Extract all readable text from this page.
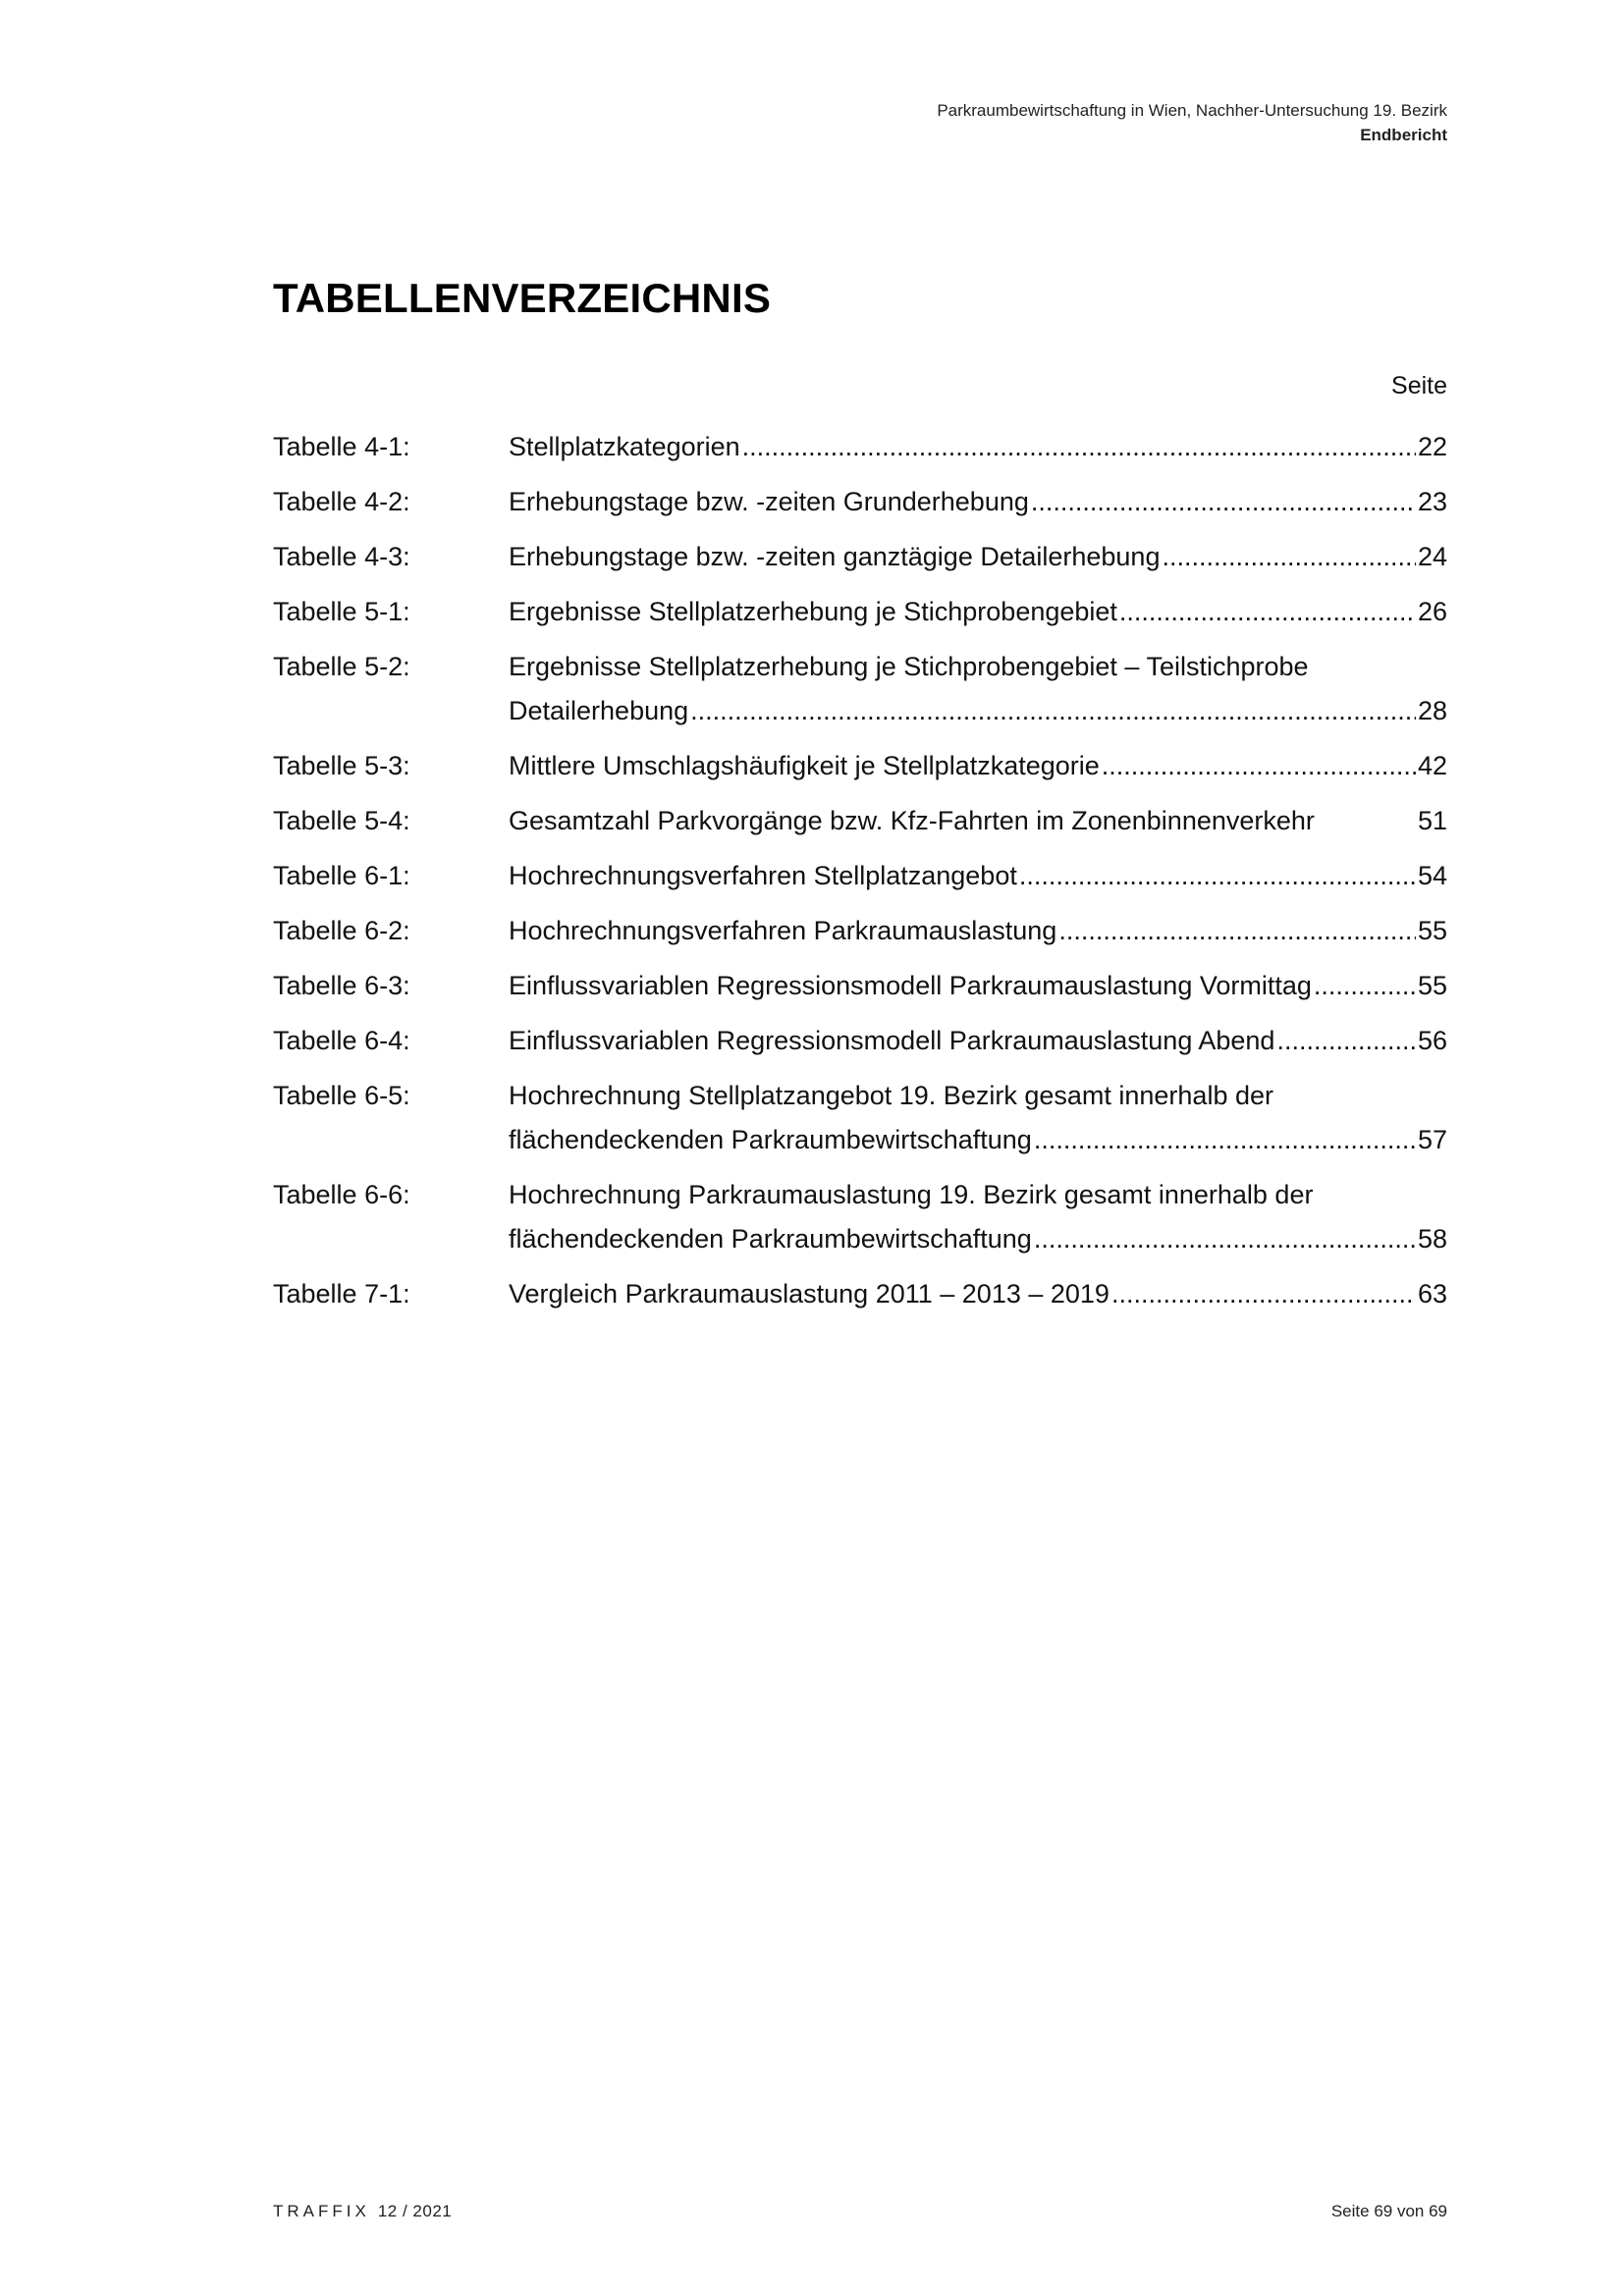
Parkraumbewirtschaftung in Wien, Nachher-Untersuchung 19. Bezirk
Endbericht
TABELLENVERZEICHNIS
Seite
Tabelle 4-1:	Stellplatzkategorien .....	22
Tabelle 4-2:	Erhebungstage bzw. -zeiten Grunderhebung .....	23
Tabelle 4-3:	Erhebungstage bzw. -zeiten ganztägige Detailerhebung .....	24
Tabelle 5-1:	Ergebnisse Stellplatzerhebung je Stichprobengebiet .....	26
Tabelle 5-2:	Ergebnisse Stellplatzerhebung je Stichprobengebiet – Teilstichprobe
Detailerhebung .....	28
Tabelle 5-3:	Mittlere Umschlagshäufigkeit je Stellplatzkategorie .....	42
Tabelle 5-4:	Gesamtzahl Parkvorgänge bzw. Kfz-Fahrten im Zonenbinnenverkehr	51
Tabelle 6-1:	Hochrechnungsverfahren Stellplatzangebot .....	54
Tabelle 6-2:	Hochrechnungsverfahren Parkraumauslastung .....	55
Tabelle 6-3:	Einflussvariablen Regressionsmodell Parkraumauslastung Vormittag .....	55
Tabelle 6-4:	Einflussvariablen Regressionsmodell Parkraumauslastung Abend .....	56
Tabelle 6-5:	Hochrechnung Stellplatzangebot 19. Bezirk gesamt innerhalb der
flächendeckenden Parkraumbewirtschaftung .....	57
Tabelle 6-6:	Hochrechnung Parkraumauslastung 19. Bezirk gesamt innerhalb der
flächendeckenden Parkraumbewirtschaftung .....	58
Tabelle 7-1:	Vergleich Parkraumauslastung 2011 – 2013 – 2019 .....	63
TRAFFIX 12 / 2021	Seite 69 von 69
